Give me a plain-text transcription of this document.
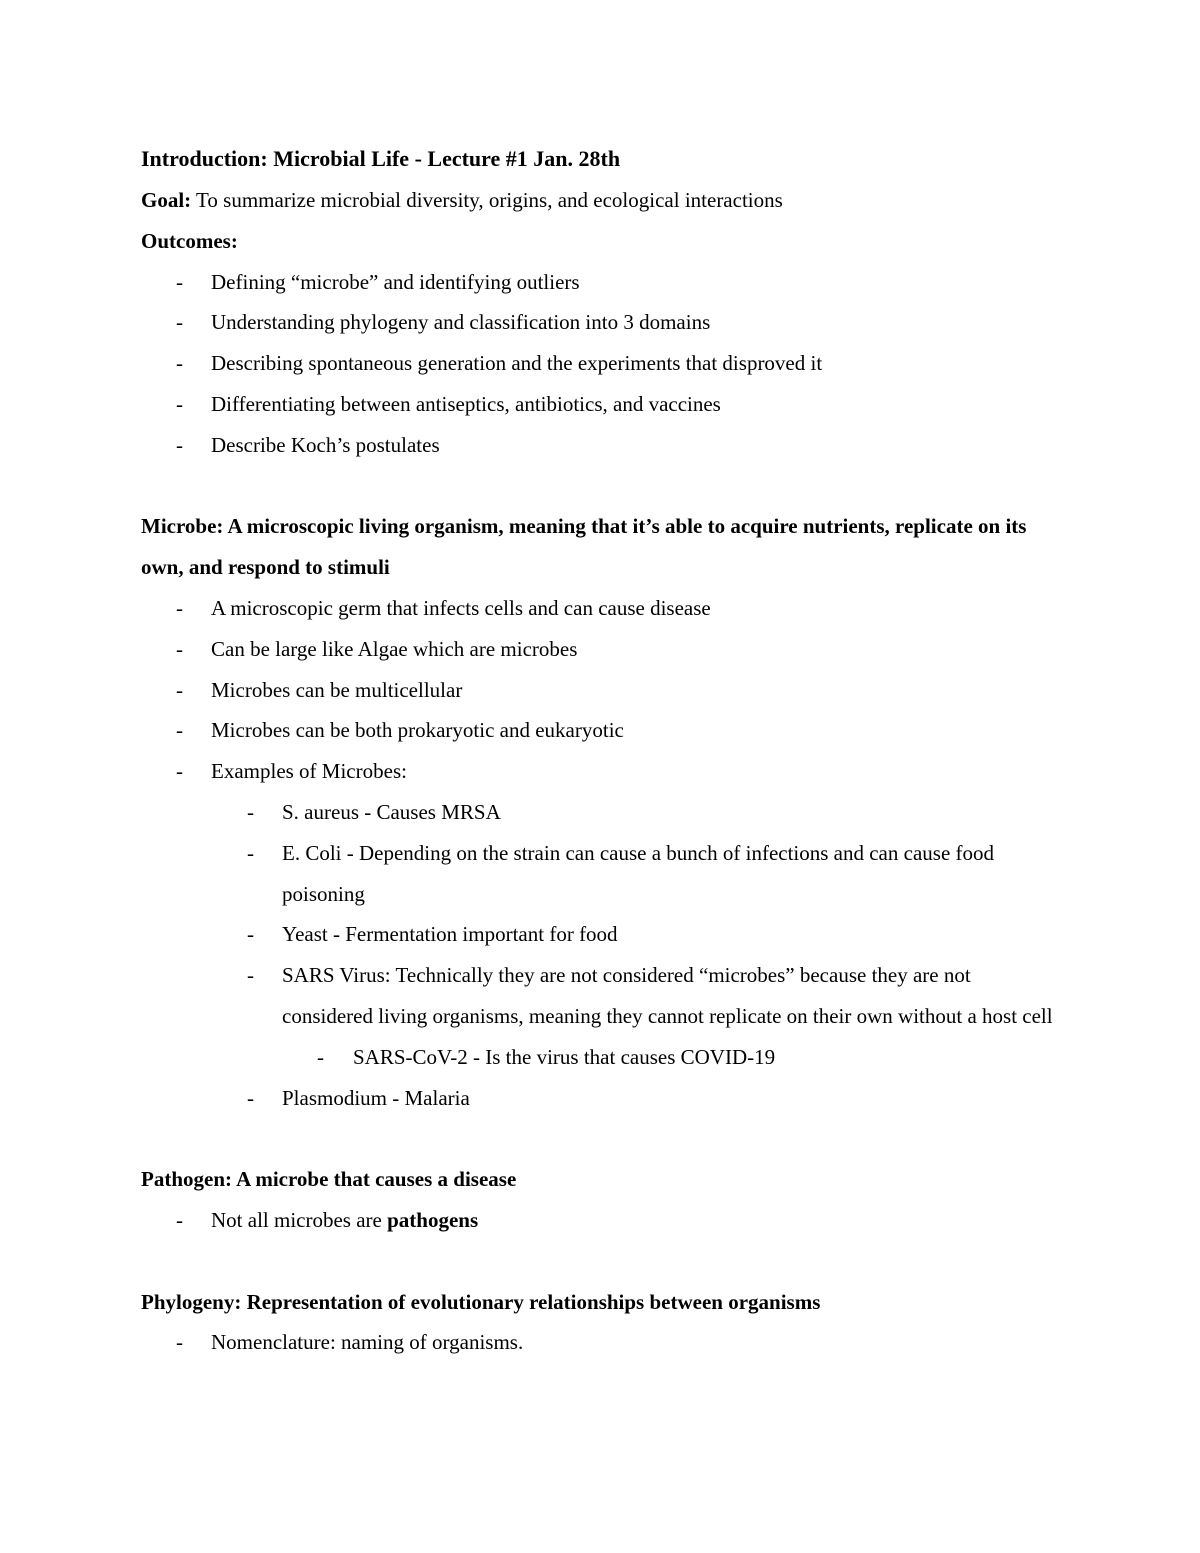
Introduction: Microbial Life - Lecture #1 Jan. 28th
Goal: To summarize microbial diversity, origins, and ecological interactions
Outcomes:
- Defining “microbe” and identifying outliers
- Understanding phylogeny and classification into 3 domains
- Describing spontaneous generation and the experiments that disproved it
- Differentiating between antiseptics, antibiotics, and vaccines
- Describe Koch’s postulates
Microbe: A microscopic living organism, meaning that it’s able to acquire nutrients, replicate on its own, and respond to stimuli
- A microscopic germ that infects cells and can cause disease
- Can be large like Algae which are microbes
- Microbes can be multicellular
- Microbes can be both prokaryotic and eukaryotic
- Examples of Microbes:
- S. aureus - Causes MRSA
- E. Coli - Depending on the strain can cause a bunch of infections and can cause food poisoning
- Yeast - Fermentation important for food
- SARS Virus: Technically they are not considered “microbes” because they are not considered living organisms, meaning they cannot replicate on their own without a host cell
- SARS-CoV-2 - Is the virus that causes COVID-19
- Plasmodium - Malaria
Pathogen: A microbe that causes a disease
- Not all microbes are pathogens
Phylogeny: Representation of evolutionary relationships between organisms
- Nomenclature: naming of organisms.
